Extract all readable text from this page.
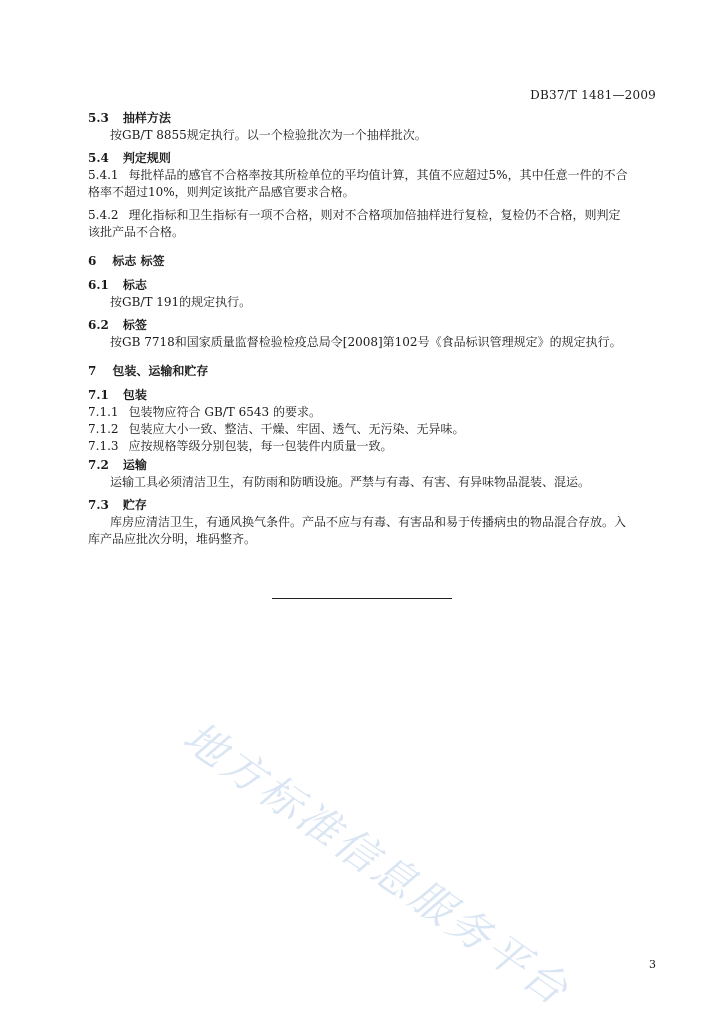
DB37/T 1481—2009
5.3 抽样方法
按GB/T 8855规定执行。以一个检验批次为一个抽样批次。
5.4 判定规则
5.4.1 每批样品的感官不合格率按其所检单位的平均值计算，其值不应超过5%，其中任意一件的不合
格率不超过10%，则判定该批产品感官要求合格。
5.4.2 理化指标和卫生指标有一项不合格，则对不合格项加倍抽样进行复检，复检仍不合格，则判定
该批产品不合格。
6 标志 标签
6.1 标志
按GB/T 191的规定执行。
6.2 标签
按GB 7718和国家质量监督检验检疫总局令[2008]第102号《食品标识管理规定》的规定执行。
7 包装、运输和贮存
7.1 包装
7.1.1 包装物应符合 GB/T 6543 的要求。
7.1.2 包装应大小一致、整洁、干燥、牢固、透气、无污染、无异味。
7.1.3 应按规格等级分别包装，每一包装件内质量一致。
7.2 运输
运输工具必须清洁卫生，有防雨和防晒设施。严禁与有毒、有害、有异味物品混装、混运。
7.3 贮存
库房应清洁卫生，有通风换气条件。产品不应与有毒、有害品和易于传播病虫的物品混合存放。入
库产品应批次分明，堆码整齐。
地方标准信息服务平台	3
